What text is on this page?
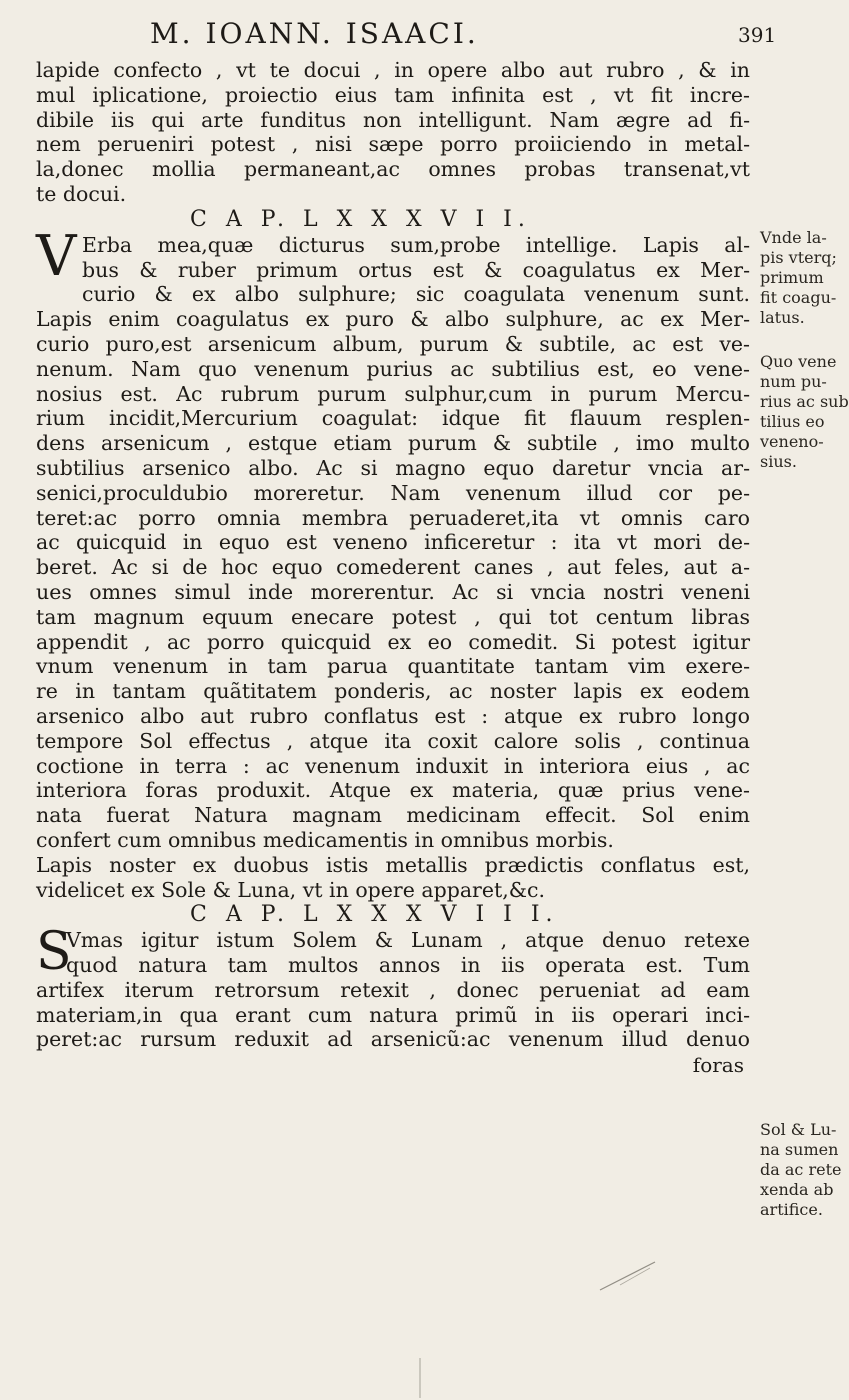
M. IOANN. ISAACI.	391
lapide confecto , vt te docui , in opere albo aut rubro , & in
mul iplicatione, proiectio eius tam infinita est , vt fit incre-
dibile iis qui arte funditus non intelligunt. Nam ægre ad fi-
nem perueniri potest , nisi sæpe porro proiiciendo in metal-
la,donec mollia permaneant,ac omnes probas transenat,vt
te docui.
C A P. L X X X V I I.
V Erba mea,quæ dicturus sum,probe intellige. Lapis al-
bus & ruber primum ortus est & coagulatus ex Mer-
curio & ex albo sulphure; sic coagulata venenum sunt.
Lapis enim coagulatus ex puro & albo sulphure, ac ex Mer-
curio puro,est arsenicum album, purum & subtile, ac est ve-
nenum. Nam quo venenum purius ac subtilius est, eo vene-
nosius est. Ac rubrum purum sulphur,cum in purum Mercu-
rium incidit,Mercurium coagulat: idque fit flauum resplen-
dens arsenicum , estque etiam purum & subtile , imo multo
subtilius arsenico albo. Ac si magno equo daretur vncia ar-
senici,proculdubio moreretur. Nam venenum illud cor pe-
teret:ac porro omnia membra peruaderet,ita vt omnis caro
ac quicquid in equo est veneno inficeretur : ita vt mori de-
beret. Ac si de hoc equo comederent canes , aut feles, aut a-
ues omnes simul inde morerentur. Ac si vncia nostri veneni
tam magnum equum enecare potest , qui tot centum libras
appendit , ac porro quicquid ex eo comedit. Si potest igitur
vnum venenum in tam parua quantitate tantam vim exere-
re in tantam quãtitatem ponderis, ac noster lapis ex eodem
arsenico albo aut rubro conflatus est : atque ex rubro longo
tempore Sol effectus , atque ita coxit calore solis , continua
coctione in terra : ac venenum induxit in interiora eius , ac
interiora foras produxit. Atque ex materia, quæ prius vene-
nata fuerat Natura magnam medicinam effecit. Sol enim
confert cum omnibus medicamentis in omnibus morbis.
Lapis noster ex duobus istis metallis prædictis conflatus est,
videlicet ex Sole & Luna, vt in opere apparet,&c.
C A P. L X X X V I I I.
S
Vmas igitur istum Solem & Lunam , atque denuo retexe
quod natura tam multos annos in iis operata est. Tum
artifex iterum retrorsum retexit , donec perueniat ad eam
materiam,in qua erant cum natura primũ in iis operari inci-
peret:ac rursum reduxit ad arsenicũ:ac venenum illud denuo
foras
Vnde la-
pis vterq;
primum
fit coagu-
latus.
Quo vene
num pu-
rius ac sub
tilius eo
veneno-
sius.
Sol & Lu-
na sumen
da ac rete
xenda ab
artifice.
